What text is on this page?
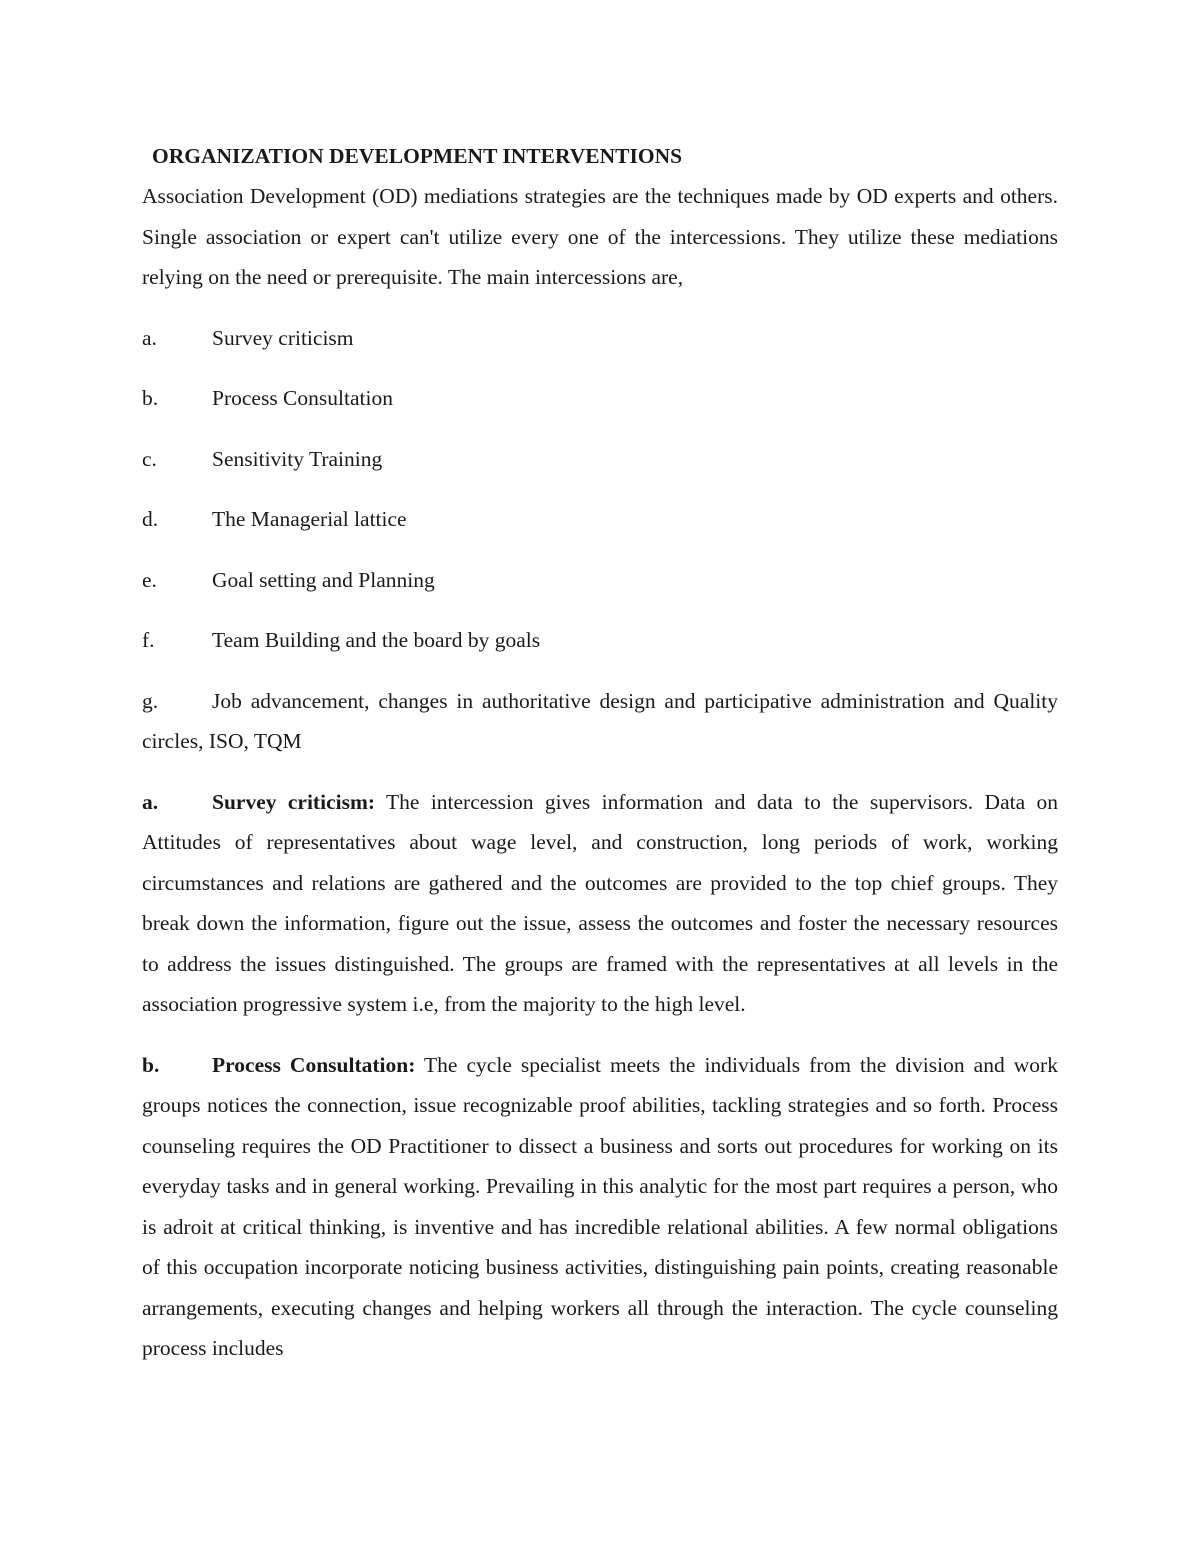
ORGANIZATION DEVELOPMENT INTERVENTIONS

Association Development (OD) mediations strategies are the techniques made by OD experts and others. Single association or expert can't utilize every one of the intercessions. They utilize these mediations relying on the need or prerequisite. The main intercessions are,

a.	Survey criticism
b.	Process Consultation
c.	Sensitivity Training
d.	The Managerial lattice
e.	Goal setting and Planning
f.	Team Building and the board by goals
g.	Job advancement, changes in authoritative design and participative administration and Quality circles, ISO, TQM

a.	Survey criticism: The intercession gives information and data to the supervisors. Data on Attitudes of representatives about wage level, and construction, long periods of work, working circumstances and relations are gathered and the outcomes are provided to the top chief groups. They break down the information, figure out the issue, assess the outcomes and foster the necessary resources to address the issues distinguished. The groups are framed with the representatives at all levels in the association progressive system i.e, from the majority to the high level.

b. Process Consultation: The cycle specialist meets the individuals from the division and work groups notices the connection, issue recognizable proof abilities, tackling strategies and so forth. Process counseling requires the OD Practitioner to dissect a business and sorts out procedures for working on its everyday tasks and in general working. Prevailing in this analytic for the most part requires a person, who is adroit at critical thinking, is inventive and has incredible relational abilities. A few normal obligations of this occupation incorporate noticing business activities, distinguishing pain points, creating reasonable arrangements, executing changes and helping workers all through the interaction. The cycle counseling process includes
